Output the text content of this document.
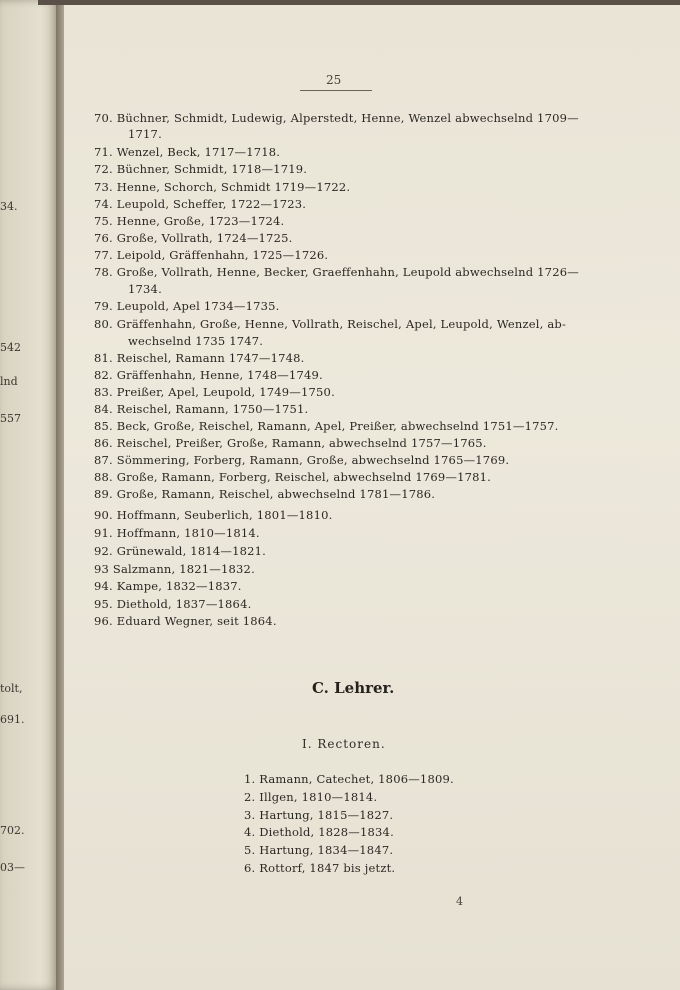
34.
542
lnd
557
tolt,
691.
702.
03—
25
70. Büchner, Schmidt, Ludewig, Alperstedt, Henne, Wenzel abwechselnd 1709—
1717.
71. Wenzel, Beck, 1717—1718.
72. Büchner, Schmidt, 1718—1719.
73. Henne, Schorch, Schmidt 1719—1722.
74. Leupold, Scheffer, 1722—1723.
75. Henne, Große, 1723—1724.
76. Große, Vollrath, 1724—1725.
77. Leipold, Gräffenhahn, 1725—1726.
78. Große, Vollrath, Henne, Becker, Graeffenhahn, Leupold abwechselnd 1726—
1734.
79. Leupold, Apel 1734—1735.
80. Gräffenhahn, Große, Henne, Vollrath, Reischel, Apel, Leupold, Wenzel, ab-
wechselnd 1735 1747.
81. Reischel, Ramann 1747—1748.
82. Gräffenhahn, Henne, 1748—1749.
83. Preißer, Apel, Leupold, 1749—1750.
84. Reischel, Ramann, 1750—1751.
85. Beck, Große, Reischel, Ramann, Apel, Preißer, abwechselnd 1751—1757.
86. Reischel, Preißer, Große, Ramann, abwechselnd 1757—1765.
87. Sömmering, Forberg, Ramann, Große, abwechselnd 1765—1769.
88. Große, Ramann, Forberg, Reischel, abwechselnd 1769—1781.
89. Große, Ramann, Reischel, abwechselnd 1781—1786.
90. Hoffmann, Seuberlich, 1801—1810.
91. Hoffmann, 1810—1814.
92. Grünewald, 1814—1821.
93 Salzmann, 1821—1832.
94. Kampe, 1832—1837.
95. Diethold, 1837—1864.
96. Eduard Wegner, seit 1864.
C. Lehrer.
I. Rectoren.
1. Ramann, Catechet, 1806—1809.
2. Illgen, 1810—1814.
3. Hartung, 1815—1827.
4. Diethold, 1828—1834.
5. Hartung, 1834—1847.
6. Rottorf, 1847 bis jetzt.
4
